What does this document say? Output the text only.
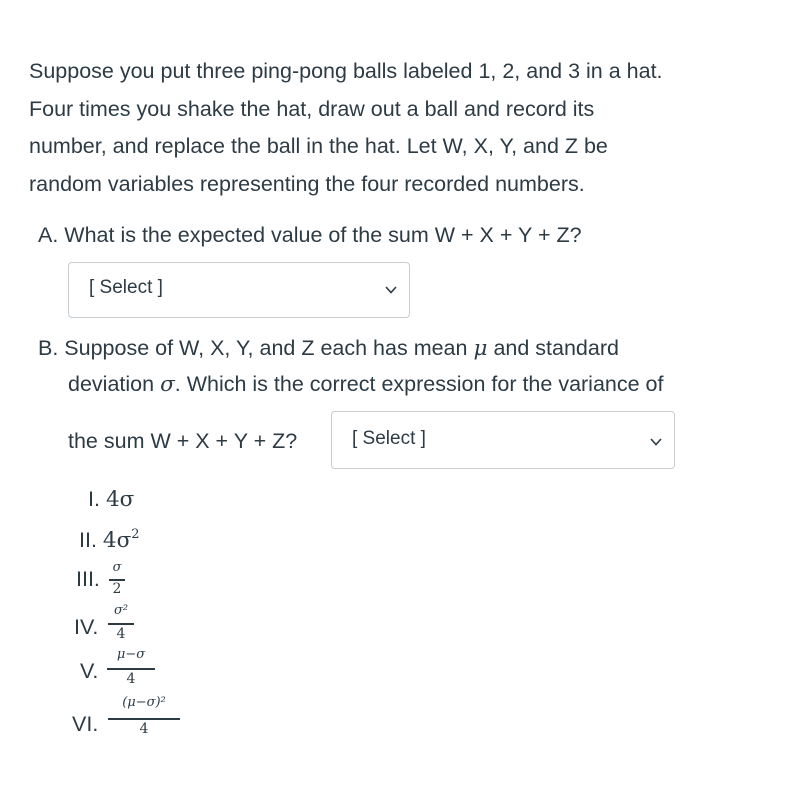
Suppose you put three ping-pong balls labeled 1, 2, and 3 in a hat.

Four times you shake the hat, draw out a ball and record its

number, and replace the ball in the hat. Let W, X, Y, and Z be

random variables representing the four recorded numbers.

A. What is the expected value of the sum W + X + Y + Z?
[ Select ]
B. Suppose of W, X, Y, and Z each has mean μ and standard
deviation σ. Which is the correct expression for the variance of
the sum W + X + Y + Z?	[ Select ]
I. 4σ
II. $4\sigma^2$
III. σ
2
IV.
σ²
4
V.
μ−σ
4
VI.
(μ−σ)²
4
